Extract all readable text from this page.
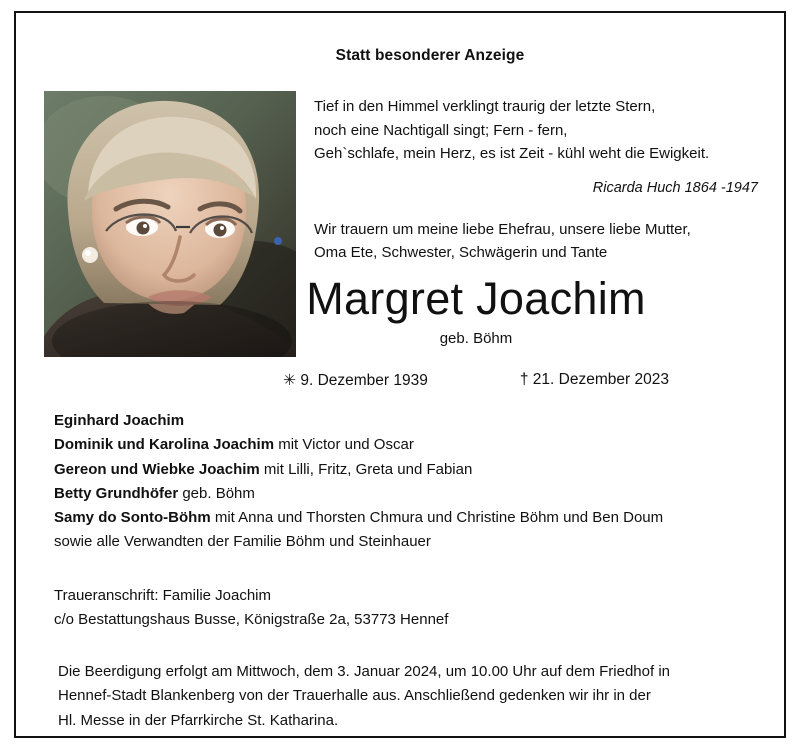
Statt besonderer Anzeige
Tief in den Himmel verklingt traurig der letzte Stern,
noch eine Nachtigall singt; Fern - fern,
Geh`schlafe, mein Herz, es ist Zeit - kühl weht die Ewigkeit.
Ricarda Huch 1864 -1947
Wir trauern um meine liebe Ehefrau, unsere liebe Mutter,
Oma Ete, Schwester, Schwägerin und Tante
Margret Joachim
geb. Böhm
✳ 9. Dezember 1939	† 21. Dezember 2023
Eginhard Joachim
Dominik und Karolina Joachim mit Victor und Oscar
Gereon und Wiebke Joachim mit Lilli, Fritz, Greta und Fabian
Betty Grundhöfer geb. Böhm
Samy do Sonto-Böhm mit Anna und Thorsten Chmura und Christine Böhm und Ben Doum
sowie alle Verwandten der Familie Böhm und Steinhauer
Traueranschrift: Familie Joachim
c/o Bestattungshaus Busse, Königstraße 2a, 53773 Hennef
Die Beerdigung erfolgt am Mittwoch, dem 3. Januar 2024, um 10.00 Uhr auf dem Friedhof in
Hennef-Stadt Blankenberg von der Trauerhalle aus. Anschließend gedenken wir ihr in der
Hl. Messe in der Pfarrkirche St. Katharina.
